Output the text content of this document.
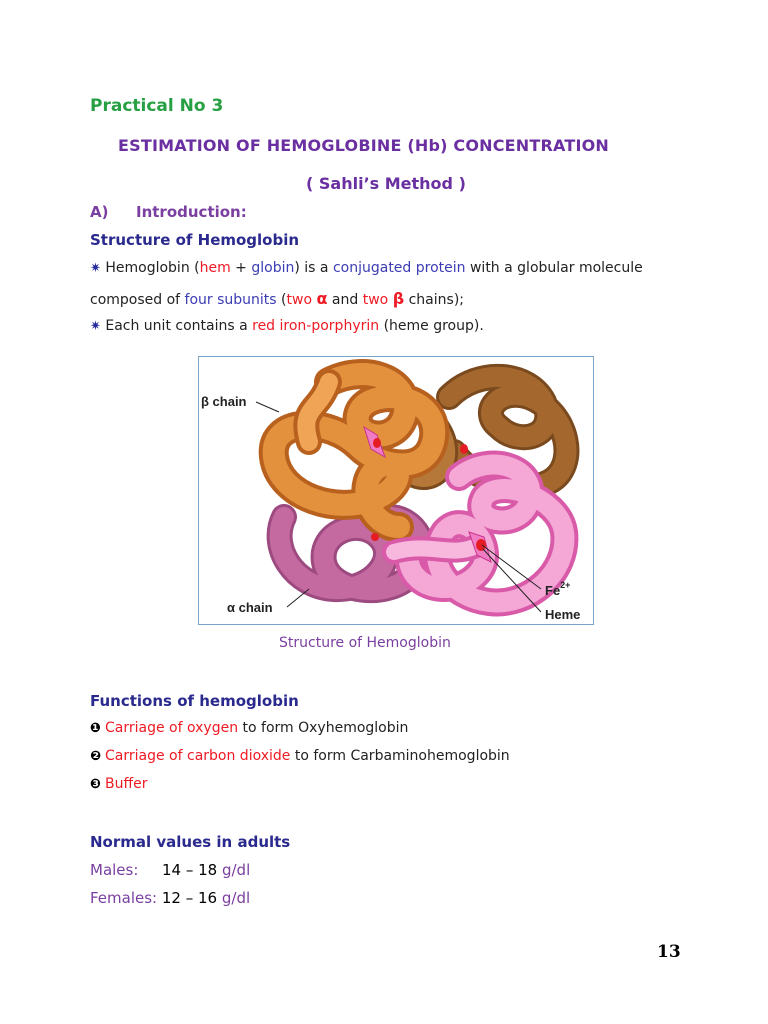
Practical No 3
ESTIMATION OF HEMOGLOBINE (Hb) CONCENTRATION
( Sahli’s Method )
A) Introduction:
Structure of Hemoglobin
✷ Hemoglobin (hem + globin) is a conjugated protein with a globular molecule
composed of four subunits (two α and two β chains);
✷ Each unit contains a red iron-porphyrin (heme group).
β chain
α chain
$Fe^{2+}$
Heme
Structure of Hemoglobin
Functions of hemoglobin
❶ Carriage of oxygen to form Oxyhemoglobin
❷ Carriage of carbon dioxide to form Carbaminohemoglobin
❸ Buffer
Normal values in adults
Males: 14 – 18 g/dl
Females: 12 – 16 g/dl
13
